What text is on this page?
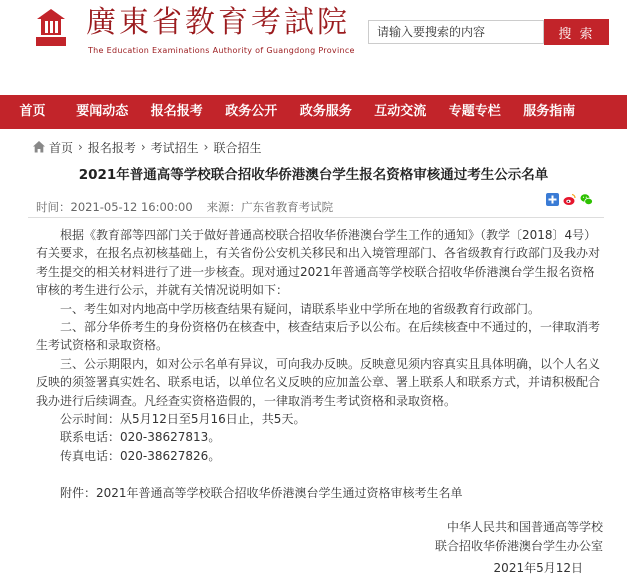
廣東省教育考試院
The Education Examinations Authority of Guangdong Province
请输入要搜索的内容
搜 索
首页	要闻动态	报名报考	政务公开	政务服务	互动交流	专题专栏	服务指南
首页 › 报名报考 › 考试招生 › 联合招生
2021年普通高等学校联合招收华侨港澳台学生报名资格审核通过考生公示名单
时间：2021-05-12 16:00:00 来源：广东省教育考试院

根据《教育部等四部门关于做好普通高校联合招收华侨港澳台学生工作的通知》（教学〔2018〕4号）有关要求，在报名点初核基础上，有关省份公安机关移民和出入境管理部门、各省级教育行政部门及我办对考生提交的相关材料进行了进一步核查。现对通过2021年普通高等学校联合招收华侨港澳台学生报名资格审核的考生进行公示，并就有关情况说明如下：

一、考生如对内地高中学历核查结果有疑问，请联系毕业中学所在地的省级教育行政部门。

二、部分华侨考生的身份资格仍在核查中，核查结束后予以公布。在后续核查中不通过的，一律取消考生考试资格和录取资格。

三、公示期限内，如对公示名单有异议，可向我办反映。反映意见须内容真实且具体明确，以个人名义反映的须签署真实姓名、联系电话，以单位名义反映的应加盖公章、署上联系人和联系方式，并请积极配合我办进行后续调查。凡经查实资格造假的，一律取消考生考试资格和录取资格。

公示时间：从5月12日至5月16日止，共5天。

联系电话：020-38627813。

传真电话：020-38627826。

附件：2021年普通高等学校联合招收华侨港澳台学生通过资格审核考生名单

中华人民共和国普通高等学校
联合招收华侨港澳台学生办公室
2021年5月12日
